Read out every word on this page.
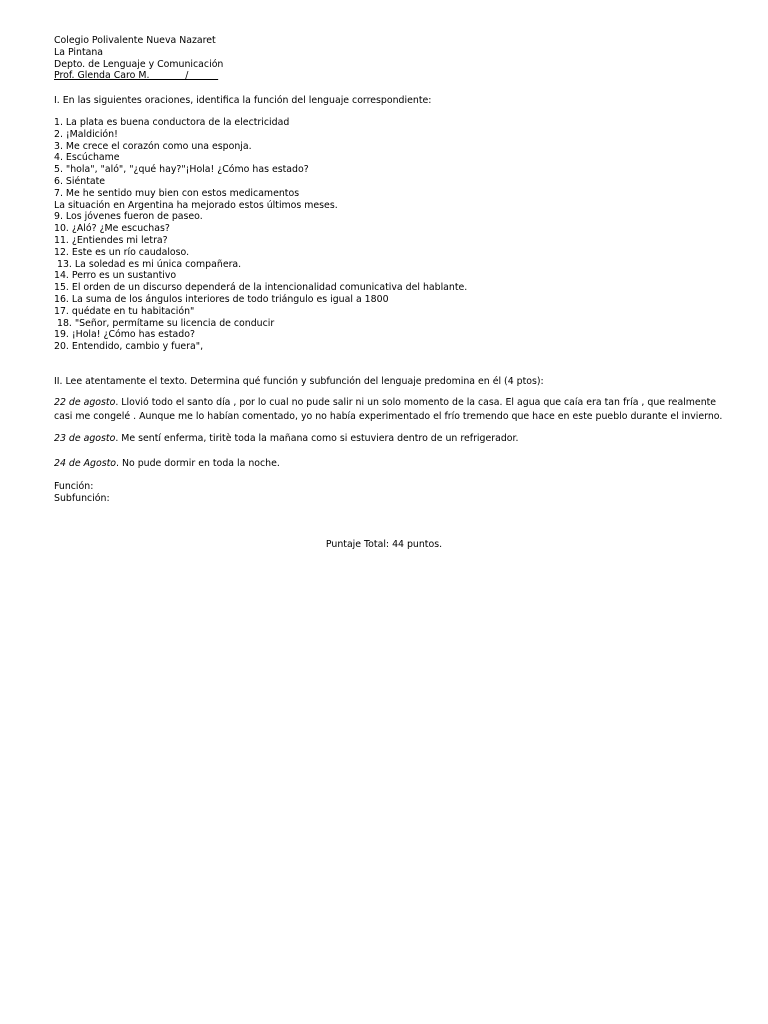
Colegio Polivalente Nueva Nazaret
La Pintana
Depto. de Lenguaje y Comunicación
Prof. Glenda Caro M.            /
I. En las siguientes oraciones, identifica la función del lenguaje correspondiente:
1. La plata es buena conductora de la electricidad
2. ¡Maldición!
3. Me crece el corazón como una esponja.
4. Escúchame
5. "hola", "aló", "¿qué hay?"¡Hola! ¿Cómo has estado?
6. Siéntate
7. Me he sentido muy bien con estos medicamentos
La situación en Argentina ha mejorado estos últimos meses.
9. Los jóvenes fueron de paseo.
10. ¿Aló? ¿Me escuchas?
11. ¿Entiendes mi letra?
12. Este es un río caudaloso.
13. La soledad es mi única compañera.
14. Perro es un sustantivo
15. El orden de un discurso dependerá de la intencionalidad comunicativa del hablante.
16. La suma de los ángulos interiores de todo triángulo es igual a 1800
17. quédate en tu habitación"
18. "Señor, permítame su licencia de conducir
19. ¡Hola! ¿Cómo has estado?
20. Entendido, cambio y fuera",
II. Lee atentamente el texto. Determina qué función y subfunción del lenguaje predomina en él (4 ptos):
22 de agosto. Llovió todo el santo día , por lo cual no pude salir ni un solo momento de la casa. El agua que caía era tan fría , que realmente casi me congelé . Aunque me lo habían comentado, yo no había experimentado el frío tremendo que hace en este pueblo durante el invierno.
23 de agosto. Me sentí enferma, tiritè toda la mañana como si estuviera dentro de un refrigerador.
24 de Agosto. No pude dormir en toda la noche.
Función:
Subfunción:
Puntaje Total: 44 puntos.
